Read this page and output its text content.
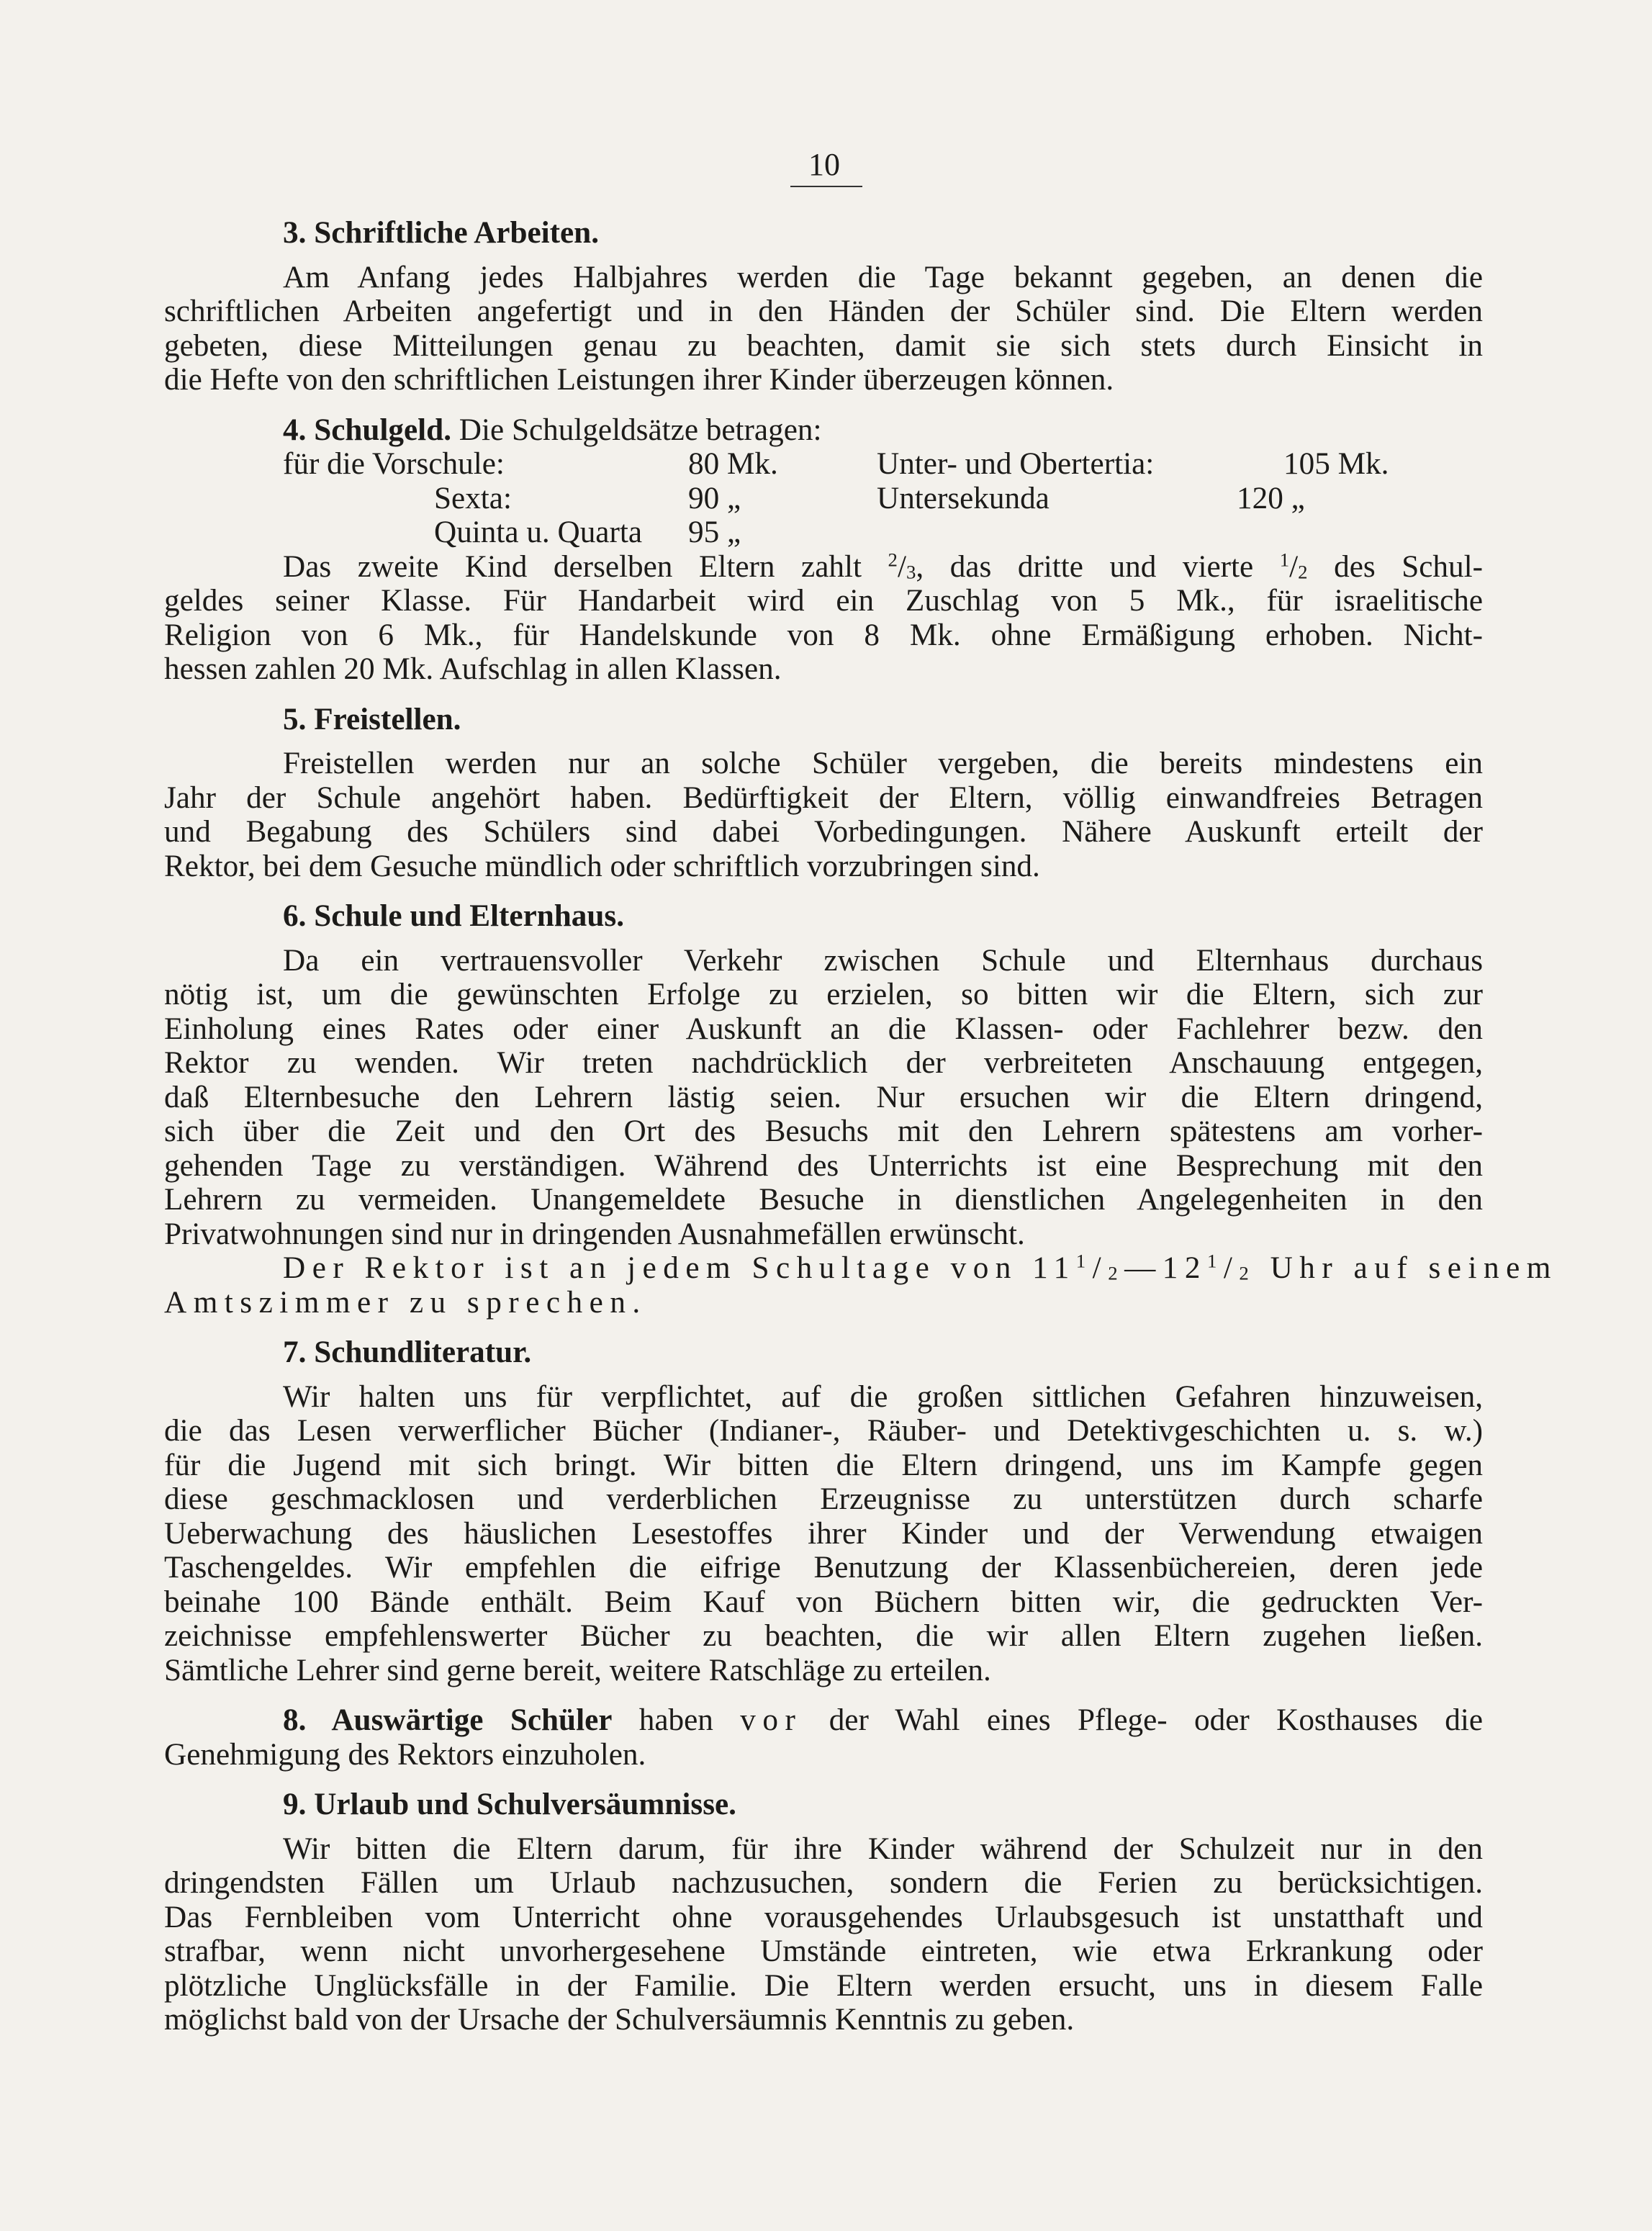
10
3. Schriftliche Arbeiten.
Am Anfang jedes Halbjahres werden die Tage bekannt gegeben, an denen die
schriftlichen Arbeiten angefertigt und in den Händen der Schüler sind. Die Eltern werden
gebeten, diese Mitteilungen genau zu beachten, damit sie sich stets durch Einsicht in
die Hefte von den schriftlichen Leistungen ihrer Kinder überzeugen können.
4. Schulgeld. Die Schulgeldsätze betragen:
für die Vorschule:	80 Mk.	Unter- und Obertertia:	105 Mk.
Sexta:	90 „	Untersekunda	120 „
Quinta u. Quarta 95 „
Das zweite Kind derselben Eltern zahlt $^2/_3$, das dritte und vierte $^1/_2$ des Schul-
geldes seiner Klasse. Für Handarbeit wird ein Zuschlag von 5 Mk., für israelitische
Religion von 6 Mk., für Handelskunde von 8 Mk. ohne Ermäßigung erhoben. Nicht-
hessen zahlen 20 Mk. Aufschlag in allen Klassen.
5. Freistellen.
Freistellen werden nur an solche Schüler vergeben, die bereits mindestens ein
Jahr der Schule angehört haben. Bedürftigkeit der Eltern, völlig einwandfreies Betragen
und Begabung des Schülers sind dabei Vorbedingungen. Nähere Auskunft erteilt der
Rektor, bei dem Gesuche mündlich oder schriftlich vorzubringen sind.
6. Schule und Elternhaus.
Da ein vertrauensvoller Verkehr zwischen Schule und Elternhaus durchaus
nötig ist, um die gewünschten Erfolge zu erzielen, so bitten wir die Eltern, sich zur
Einholung eines Rates oder einer Auskunft an die Klassen- oder Fachlehrer bezw. den
Rektor zu wenden. Wir treten nachdrücklich der verbreiteten Anschauung entgegen,
daß Elternbesuche den Lehrern lästig seien. Nur ersuchen wir die Eltern dringend,
sich über die Zeit und den Ort des Besuchs mit den Lehrern spätestens am vorher-
gehenden Tage zu verständigen. Während des Unterrichts ist eine Besprechung mit den
Lehrern zu vermeiden. Unangemeldete Besuche in dienstlichen Angelegenheiten in den
Privatwohnungen sind nur in dringenden Ausnahmefällen erwünscht.
Der Rektor ist an jedem Schultage von $11^1/_2—12^1/_2$ Uhr auf seinem
Amtszimmer zu sprechen.
7. Schundliteratur.
Wir halten uns für verpflichtet, auf die großen sittlichen Gefahren hinzuweisen,
die das Lesen verwerflicher Bücher (Indianer-, Räuber- und Detektivgeschichten u. s. w.)
für die Jugend mit sich bringt. Wir bitten die Eltern dringend, uns im Kampfe gegen
diese geschmacklosen und verderblichen Erzeugnisse zu unterstützen durch scharfe
Ueberwachung des häuslichen Lesestoffes ihrer Kinder und der Verwendung etwaigen
Taschengeldes. Wir empfehlen die eifrige Benutzung der Klassenbüchereien, deren jede
beinahe 100 Bände enthält. Beim Kauf von Büchern bitten wir, die gedruckten Ver-
zeichnisse empfehlenswerter Bücher zu beachten, die wir allen Eltern zugehen ließen.
Sämtliche Lehrer sind gerne bereit, weitere Ratschläge zu erteilen.
8. Auswärtige Schüler haben vor der Wahl eines Pflege- oder Kosthauses die
Genehmigung des Rektors einzuholen.
9. Urlaub und Schulversäumnisse.
Wir bitten die Eltern darum, für ihre Kinder während der Schulzeit nur in den
dringendsten Fällen um Urlaub nachzusuchen, sondern die Ferien zu berücksichtigen.
Das Fernbleiben vom Unterricht ohne vorausgehendes Urlaubsgesuch ist unstatthaft und
strafbar, wenn nicht unvorhergesehene Umstände eintreten, wie etwa Erkrankung oder
plötzliche Unglücksfälle in der Familie. Die Eltern werden ersucht, uns in diesem Falle
möglichst bald von der Ursache der Schulversäumnis Kenntnis zu geben.
